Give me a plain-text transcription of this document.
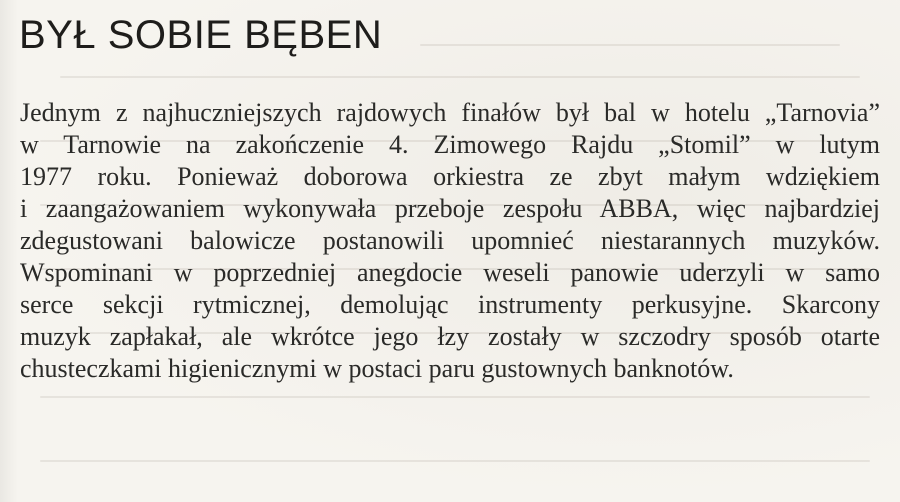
BYŁ SOBIE BĘBEN
Jednym z najhuczniejszych rajdowych finałów był bal w hotelu „Tarnovia”
w Tarnowie na zakończenie 4. Zimowego Rajdu „Stomil” w lutym
1977 roku. Ponieważ doborowa orkiestra ze zbyt małym wdziękiem
i zaangażowaniem wykonywała przeboje zespołu ABBA, więc najbardziej
zdegustowani balowicze postanowili upomnieć niestarannych muzyków.
Wspominani w poprzedniej anegdocie weseli panowie uderzyli w samo
serce sekcji rytmicznej, demolując instrumenty perkusyjne. Skarcony
muzyk zapłakał, ale wkrótce jego łzy zostały w szczodry sposób otarte
chusteczkami higienicznymi w postaci paru gustownych banknotów.
